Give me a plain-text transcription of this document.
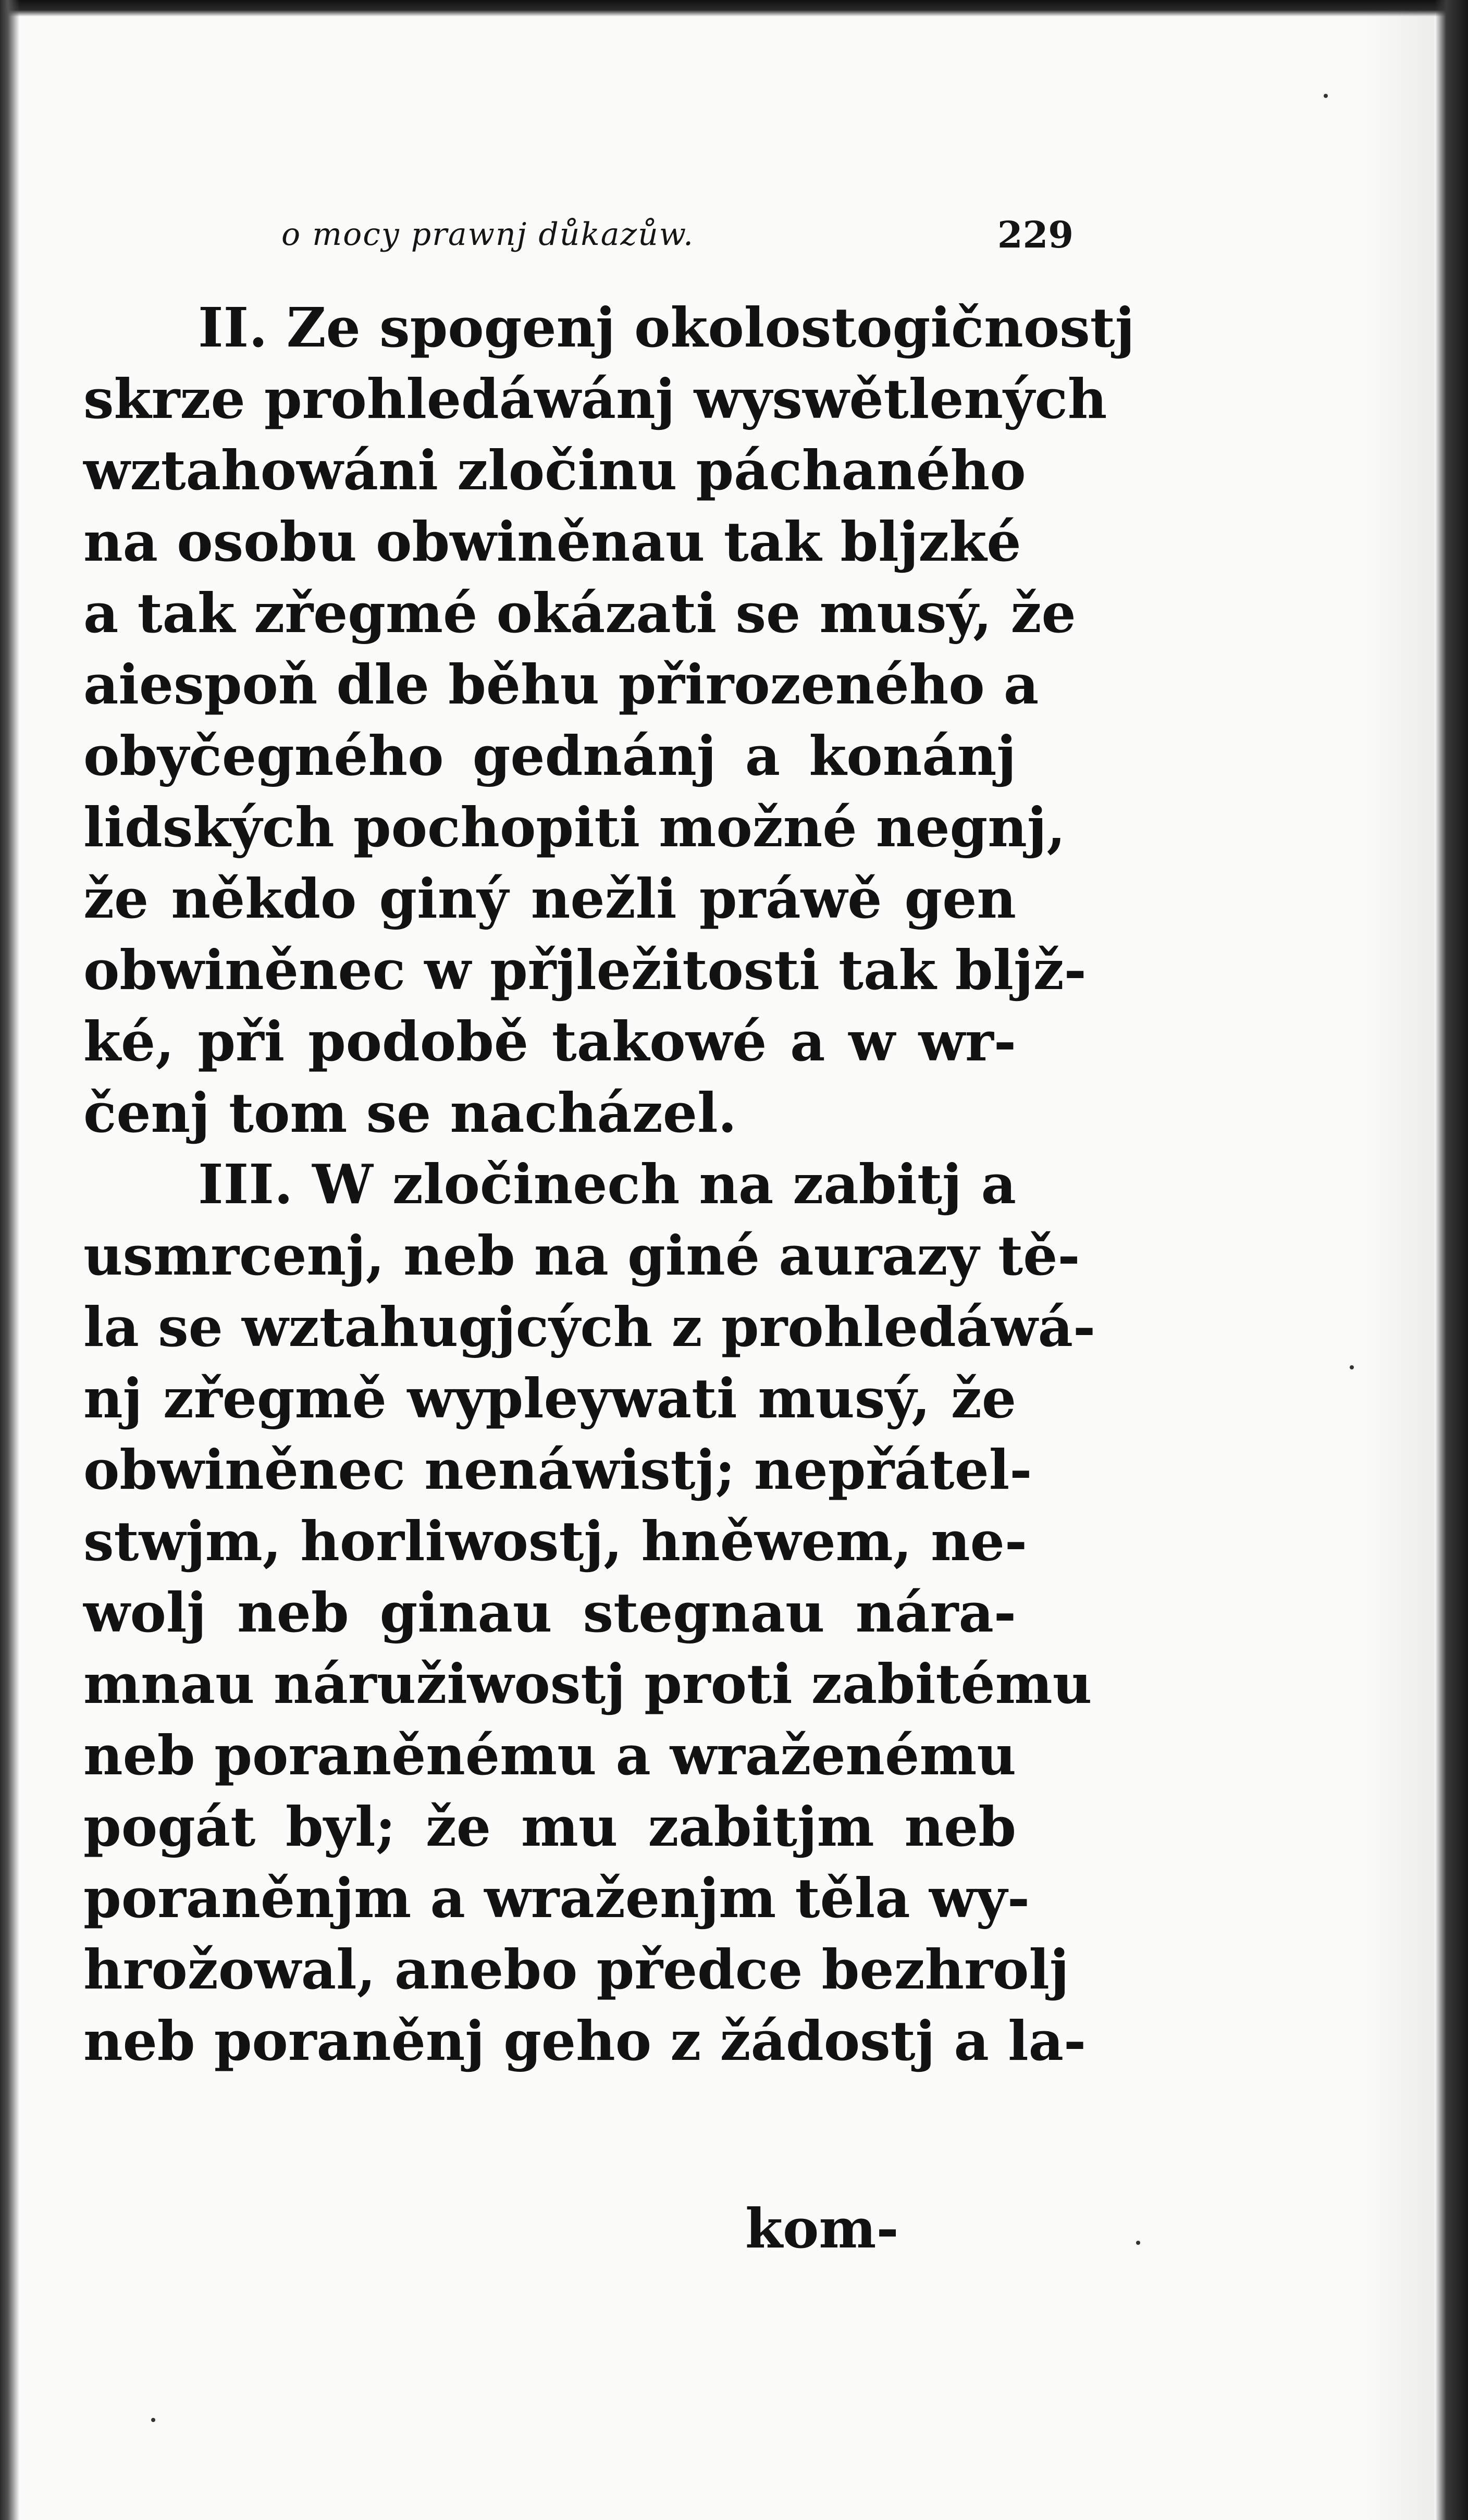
o mocy prawnj důkazůw.	229
II. Ze spogenj okolostogičnostj
skrze prohledáwánj wyswětlených
wztahowáni zločinu páchaného
na osobu obwiněnau tak bljzké
a tak zřegmé okázati se musý, že
aiespoň dle běhu přirozeného a
obyčegného gednánj a konánj
lidských pochopiti možné negnj,
že někdo giný nežli práwě gen
obwiněnec w přjležitosti tak bljž-
ké, při podobě takowé a w wr-
čenj tom se nacházel.
III. W zločinech na zabitj a
usmrcenj, neb na giné aurazy tě-
la se wztahugjcých z prohledáwá-
nj zřegmě wypleywati musý, že
obwiněnec nenáwistj; nepřátel-
stwjm, horliwostj, hněwem, ne-
wolj neb ginau stegnau nára-
mnau náružiwostj proti zabitému
neb poraněnému a wraženému
pogát byl; že mu zabitjm neb
poraněnjm a wraženjm těla wy-
hrožowal, anebo předce bezhrolj
neb poraněnj geho z žádostj a la-
kom-
